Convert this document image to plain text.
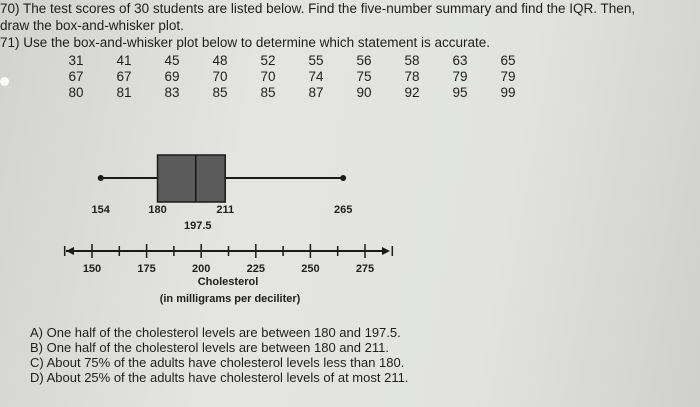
70) The test scores of 30 students are listed below. Find the five-number summary and find the IQR. Then,
draw the box-and-whisker plot.
31	41	45	48	52	55	56	58	63	65
67	67	69	70	70	74	75	78	79	79
80	81	83	85	85	87	90	92	95	99
71) Use the box-and-whisker plot below to determine which statement is accurate.
154	180
197.5
211	265
150	175	200	225	250	275
Cholesterol
(in milligrams per deciliter)
A) One half of the cholesterol levels are between 180 and 197.5.
B) One half of the cholesterol levels are between 180 and 211.
C) About 75% of the adults have cholesterol levels less than 180.
D) About 25% of the adults have cholesterol levels of at most 211.
